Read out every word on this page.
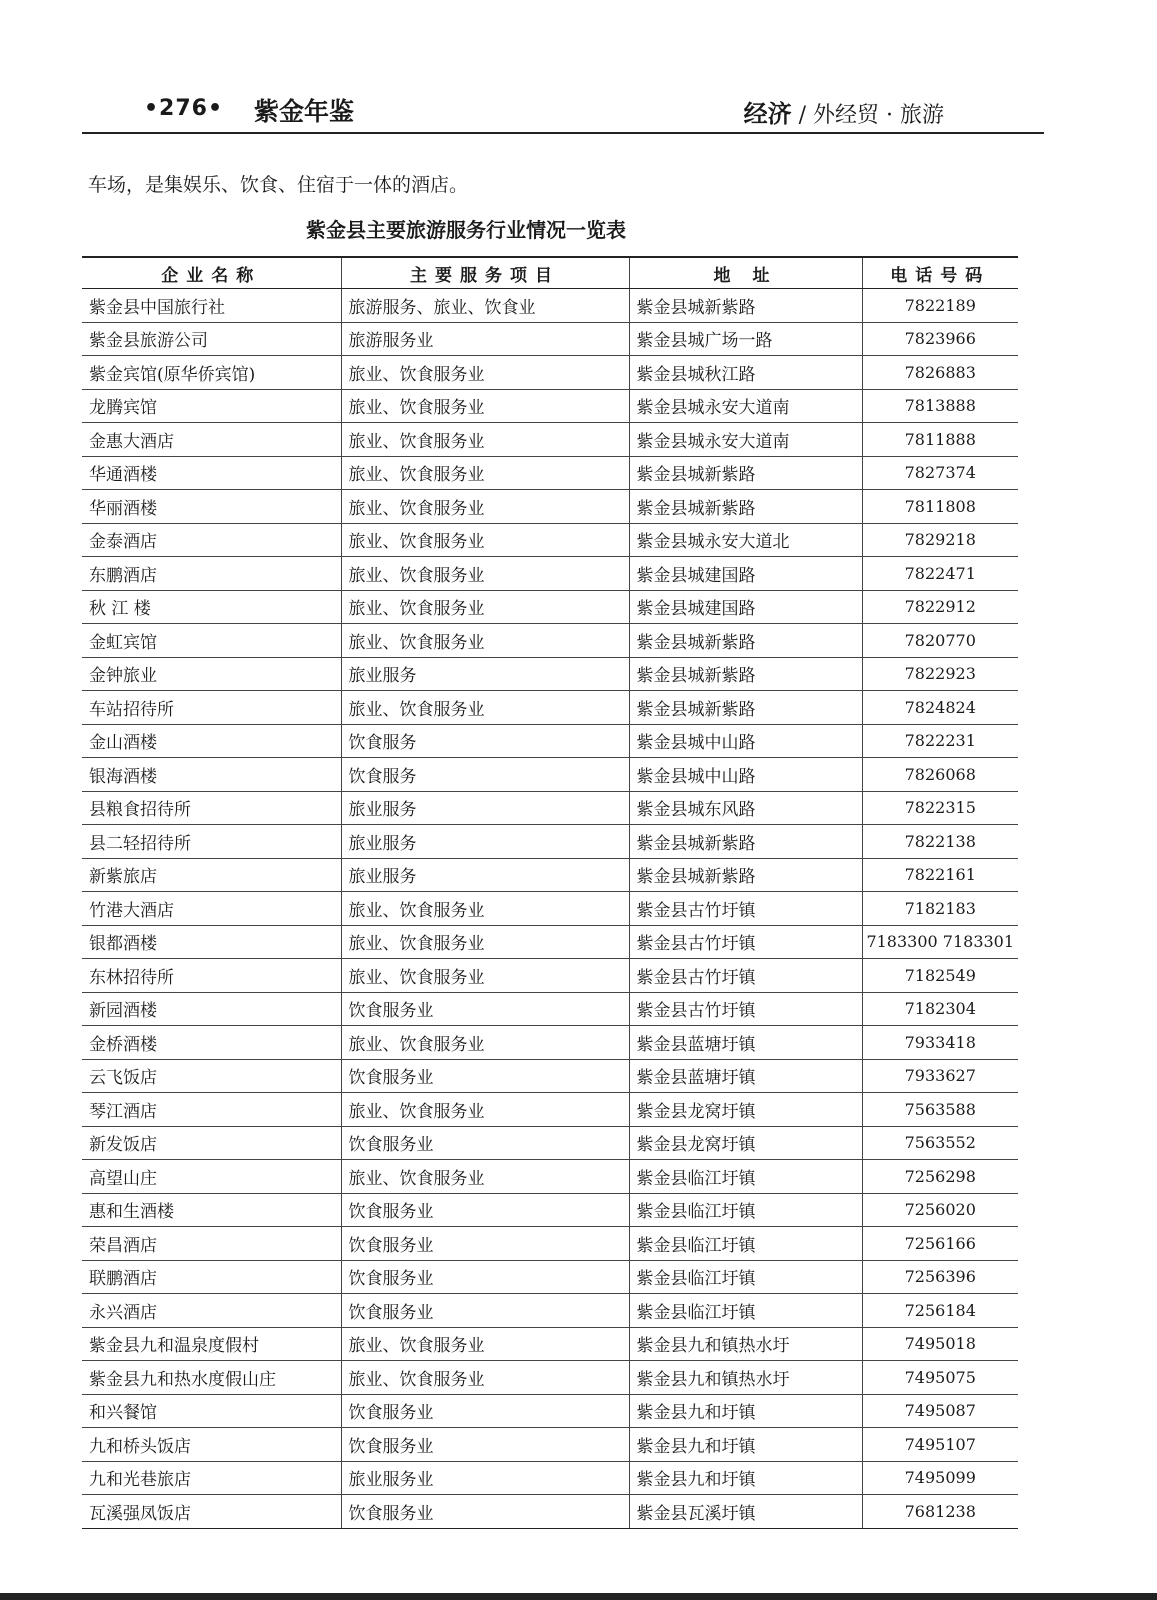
•276• 紫金年鉴	经济 / 外经贸 · 旅游
车场，是集娱乐、饮食、住宿于一体的酒店。
紫金县主要旅游服务行业情况一览表
企业名称	主要服务项目	地 址	电话号码
紫金县中国旅行社	旅游服务、旅业、饮食业	紫金县城新紫路	7822189
紫金县旅游公司	旅游服务业	紫金县城广场一路	7823966
紫金宾馆(原华侨宾馆)	旅业、饮食服务业	紫金县城秋江路	7826883
龙腾宾馆	旅业、饮食服务业	紫金县城永安大道南	7813888
金惠大酒店	旅业、饮食服务业	紫金县城永安大道南	7811888
华通酒楼	旅业、饮食服务业	紫金县城新紫路	7827374
华丽酒楼	旅业、饮食服务业	紫金县城新紫路	7811808
金泰酒店	旅业、饮食服务业	紫金县城永安大道北	7829218
东鹏酒店	旅业、饮食服务业	紫金县城建国路	7822471
秋 江 楼	旅业、饮食服务业	紫金县城建国路	7822912
金虹宾馆	旅业、饮食服务业	紫金县城新紫路	7820770
金钟旅业	旅业服务	紫金县城新紫路	7822923
车站招待所	旅业、饮食服务业	紫金县城新紫路	7824824
金山酒楼	饮食服务	紫金县城中山路	7822231
银海酒楼	饮食服务	紫金县城中山路	7826068
县粮食招待所	旅业服务	紫金县城东风路	7822315
县二轻招待所	旅业服务	紫金县城新紫路	7822138
新紫旅店	旅业服务	紫金县城新紫路	7822161
竹港大酒店	旅业、饮食服务业	紫金县古竹圩镇	7182183
银都酒楼	旅业、饮食服务业	紫金县古竹圩镇	7183300 7183301
东林招待所	旅业、饮食服务业	紫金县古竹圩镇	7182549
新园酒楼	饮食服务业	紫金县古竹圩镇	7182304
金桥酒楼	旅业、饮食服务业	紫金县蓝塘圩镇	7933418
云飞饭店	饮食服务业	紫金县蓝塘圩镇	7933627
琴江酒店	旅业、饮食服务业	紫金县龙窝圩镇	7563588
新发饭店	饮食服务业	紫金县龙窝圩镇	7563552
高望山庄	旅业、饮食服务业	紫金县临江圩镇	7256298
惠和生酒楼	饮食服务业	紫金县临江圩镇	7256020
荣昌酒店	饮食服务业	紫金县临江圩镇	7256166
联鹏酒店	饮食服务业	紫金县临江圩镇	7256396
永兴酒店	饮食服务业	紫金县临江圩镇	7256184
紫金县九和温泉度假村	旅业、饮食服务业	紫金县九和镇热水圩	7495018
紫金县九和热水度假山庄	旅业、饮食服务业	紫金县九和镇热水圩	7495075
和兴餐馆	饮食服务业	紫金县九和圩镇	7495087
九和桥头饭店	饮食服务业	紫金县九和圩镇	7495107
九和光巷旅店	旅业服务业	紫金县九和圩镇	7495099
瓦溪强凤饭店	饮食服务业	紫金县瓦溪圩镇	7681238
